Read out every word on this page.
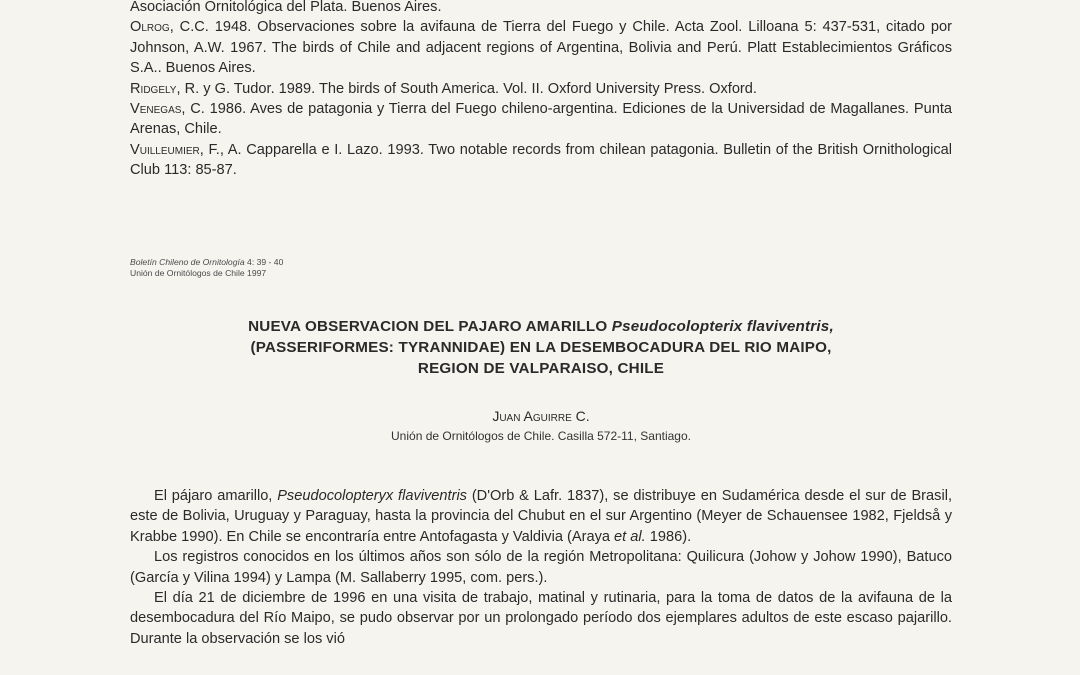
Asociación Ornitológica del Plata. Buenos Aires.

Olrog, C.C. 1948. Observaciones sobre la avifauna de Tierra del Fuego y Chile. Acta Zool. Lilloana 5: 437-531, citado por Johnson, A.W. 1967. The birds of Chile and adjacent regions of Argentina, Bolivia and Perú. Platt Establecimientos Gráficos S.A.. Buenos Aires.

Ridgely, R. y G. Tudor. 1989. The birds of South America. Vol. II. Oxford University Press. Oxford.

Venegas, C. 1986. Aves de patagonia y Tierra del Fuego chileno-argentina. Ediciones de la Universidad de Magallanes. Punta Arenas, Chile.

Vuilleumier, F., A. Capparella e I. Lazo. 1993. Two notable records from chilean patagonia. Bulletin of the British Ornithological Club 113: 85-87.

Boletín Chileno de Ornitología 4: 39 - 40
Unión de Ornitólogos de Chile 1997
NUEVA OBSERVACION DEL PAJARO AMARILLO Pseudocolopterix flaviventris,
(PASSERIFORMES: TYRANNIDAE) EN LA DESEMBOCADURA DEL RIO MAIPO,
REGION DE VALPARAISO, CHILE
Juan Aguirre C.
Unión de Ornitólogos de Chile. Casilla 572-11, Santiago.

El pájaro amarillo, Pseudocolopteryx flaviventris (D'Orb & Lafr. 1837), se distribuye en Sudamérica desde el sur de Brasil, este de Bolivia, Uruguay y Paraguay, hasta la provincia del Chubut en el sur Argentino (Meyer de Schauensee 1982, Fjeldså y Krabbe 1990). En Chile se encontraría entre Antofagasta y Valdivia (Araya et al. 1986).

Los registros conocidos en los últimos años son sólo de la región Metropolitana: Quilicura (Johow y Johow 1990), Batuco (García y Vilina 1994) y Lampa (M. Sallaberry 1995, com. pers.).

El día 21 de diciembre de 1996 en una visita de trabajo, matinal y rutinaria, para la toma de datos de la avifauna de la desembocadura del Río Maipo, se pudo observar por un prolongado período dos ejemplares adultos de este escaso pajarillo. Durante la observación se los vió
